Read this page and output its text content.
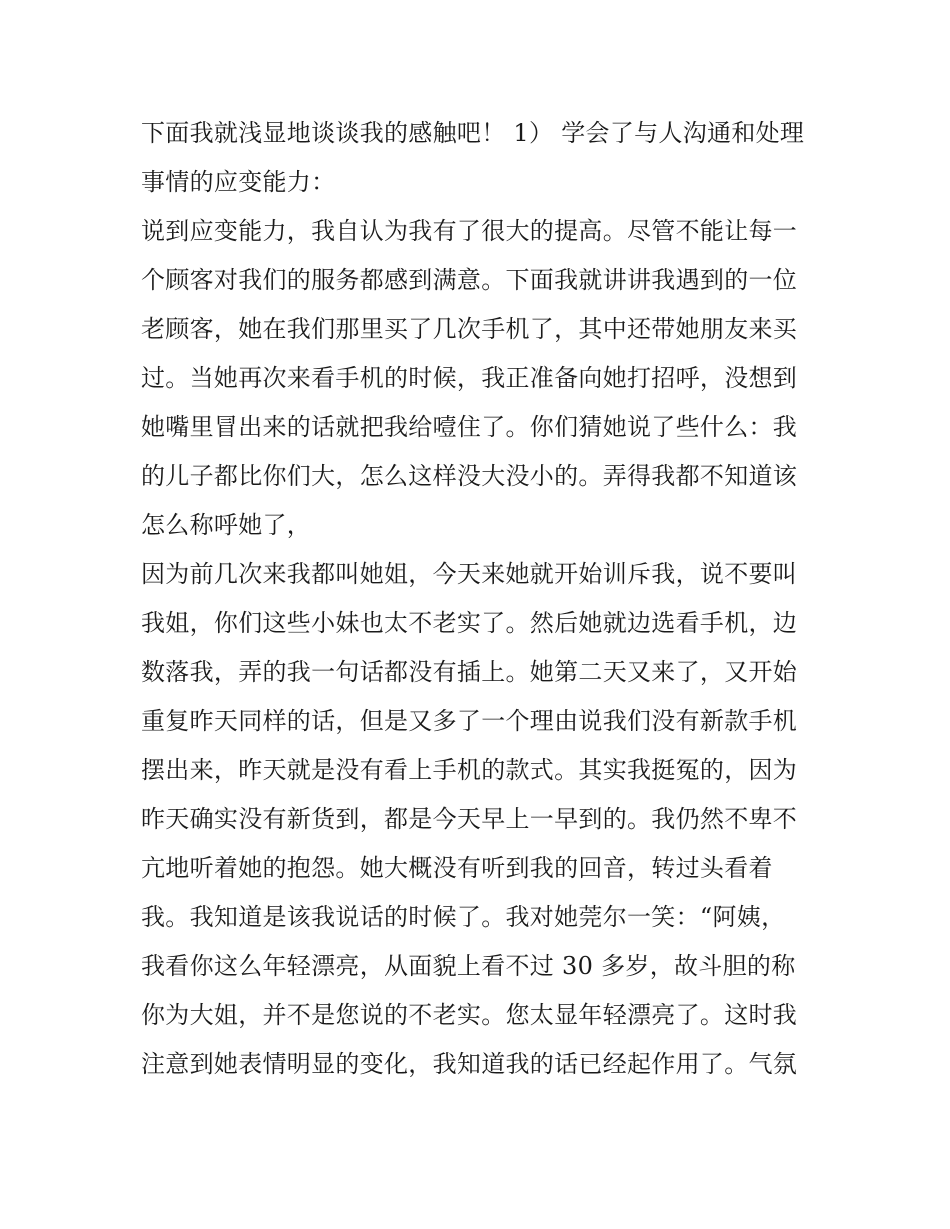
下面我就浅显地谈谈我的感触吧！ 1） 学会了与人沟通和处理
事情的应变能力：
说到应变能力，我自认为我有了很大的提高。尽管不能让每一
个顾客对我们的服务都感到满意。下面我就讲讲我遇到的一位
老顾客，她在我们那里买了几次手机了，其中还带她朋友来买
过。当她再次来看手机的时候，我正准备向她打招呼，没想到
她嘴里冒出来的话就把我给噎住了。你们猜她说了些什么：我
的儿子都比你们大，怎么这样没大没小的。弄得我都不知道该
怎么称呼她了，
因为前几次来我都叫她姐，今天来她就开始训斥我，说不要叫
我姐，你们这些小妹也太不老实了。然后她就边选看手机，边
数落我，弄的我一句话都没有插上。她第二天又来了，又开始
重复昨天同样的话，但是又多了一个理由说我们没有新款手机
摆出来，昨天就是没有看上手机的款式。其实我挺冤的，因为
昨天确实没有新货到，都是今天早上一早到的。我仍然不卑不
亢地听着她的抱怨。她大概没有听到我的回音，转过头看着
我。我知道是该我说话的时候了。我对她莞尔一笑：“阿姨，
我看你这么年轻漂亮，从面貌上看不过 30 多岁，故斗胆的称
你为大姐，并不是您说的不老实。您太显年轻漂亮了。这时我
注意到她表情明显的变化，我知道我的话已经起作用了。气氛
